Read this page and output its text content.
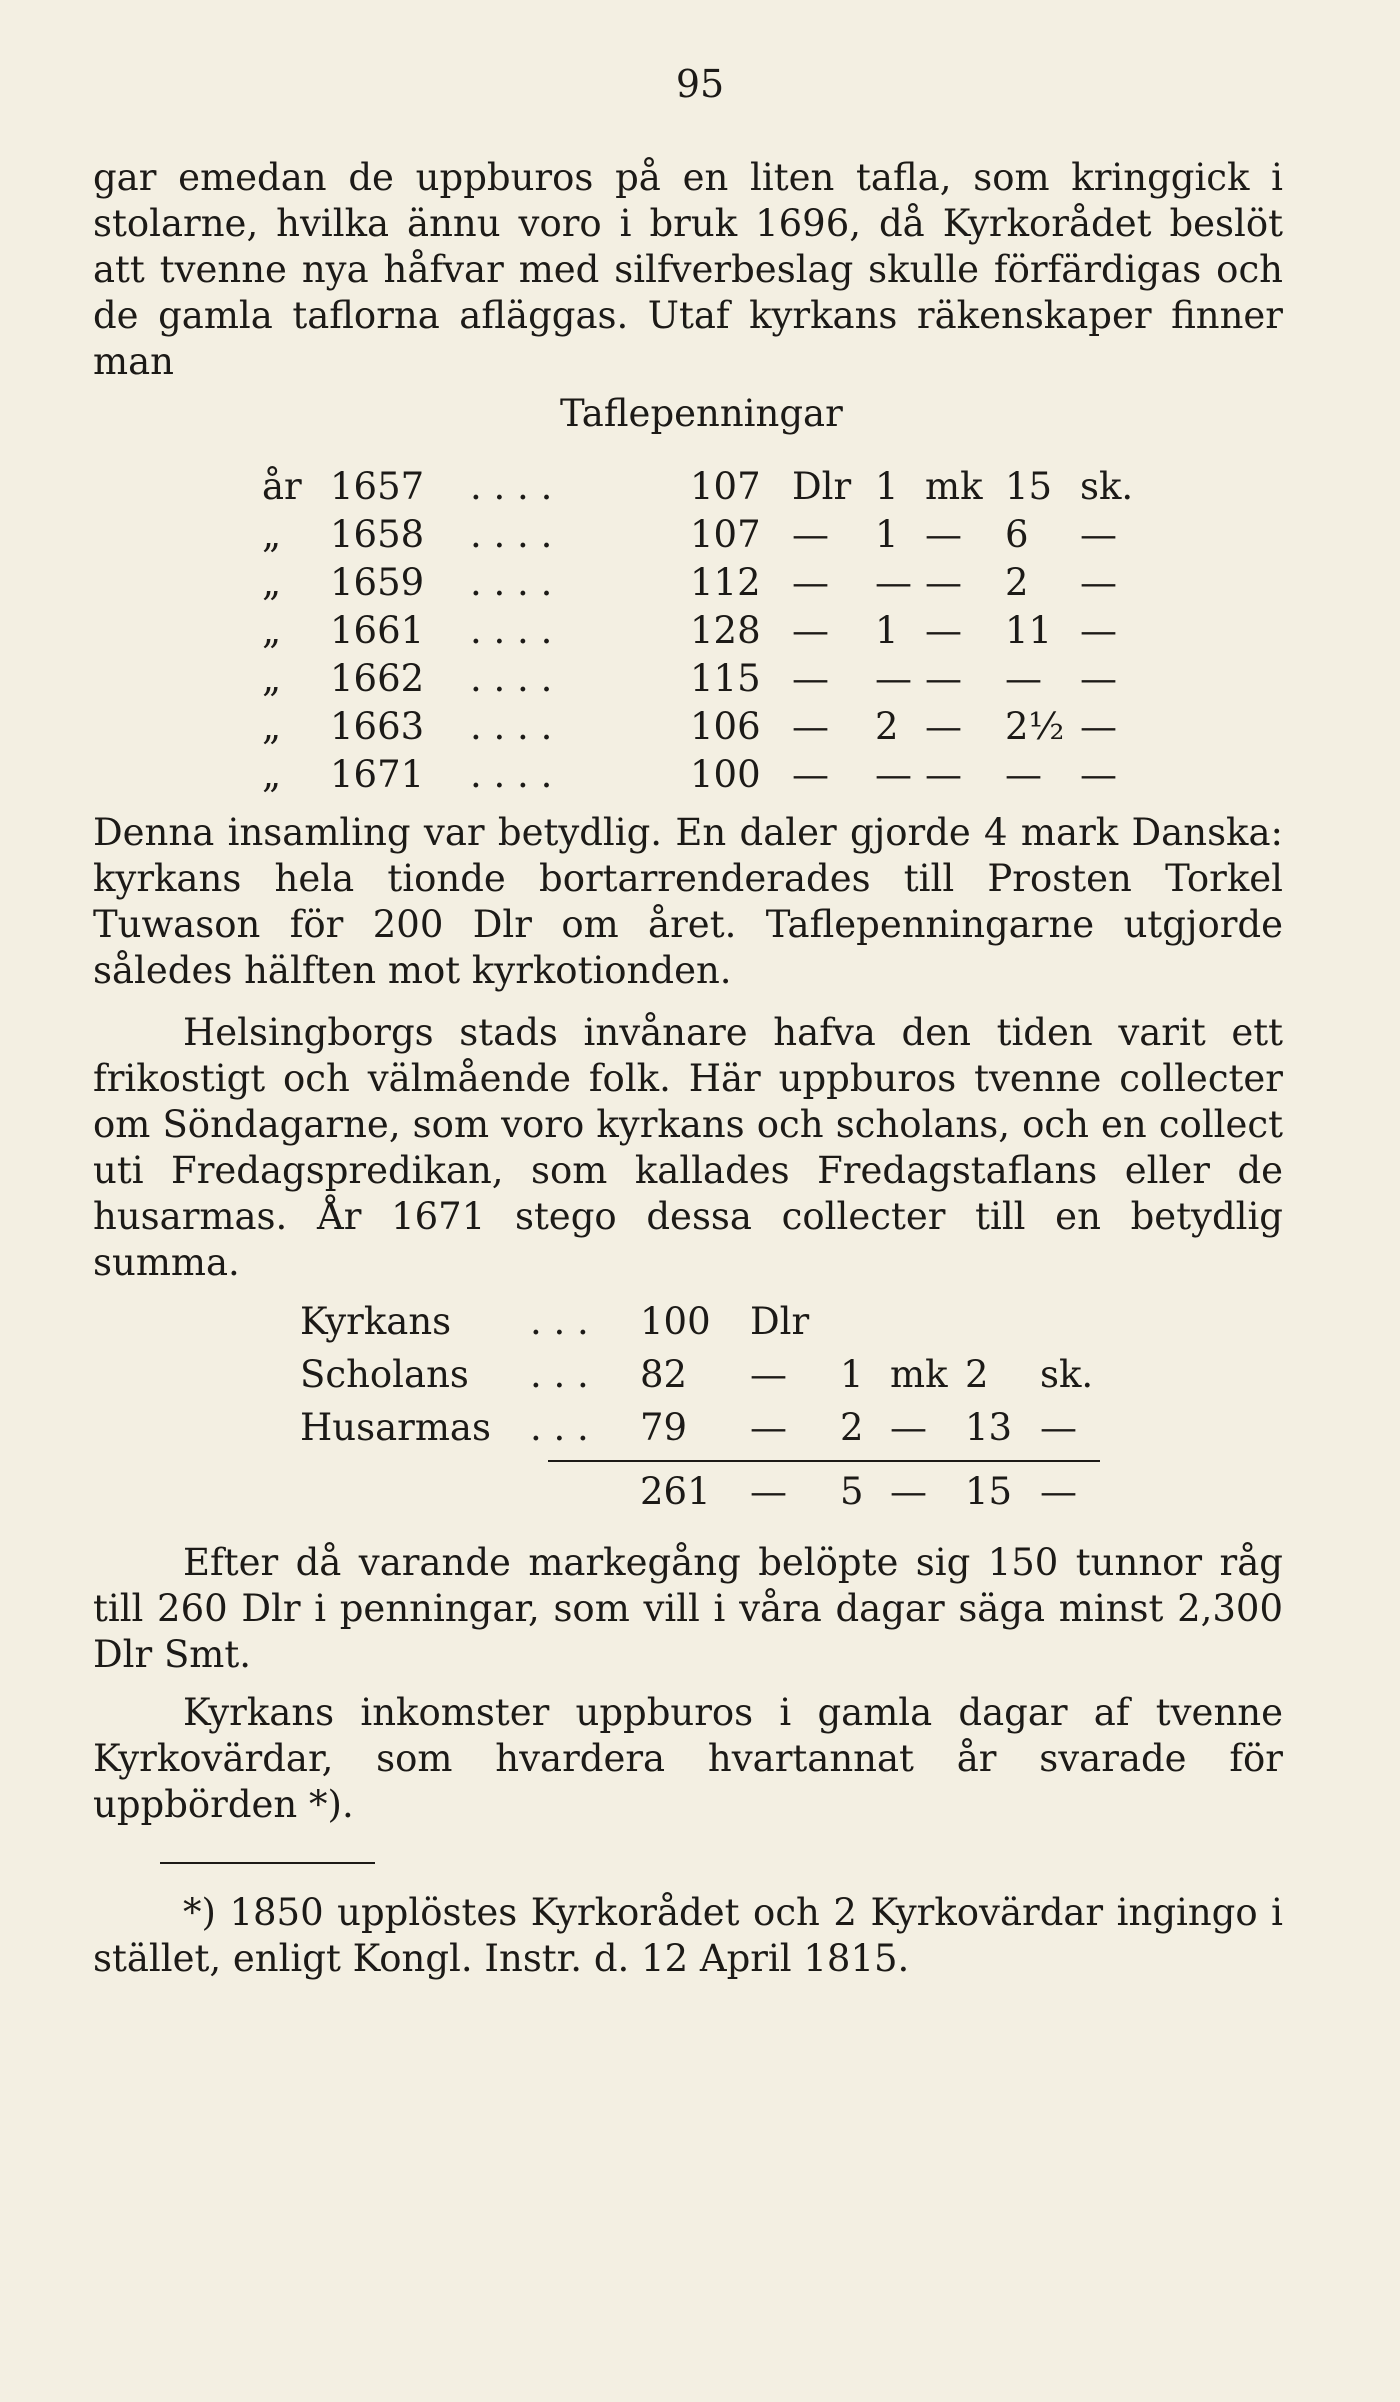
95
gar emedan de uppburos på en liten tafla, som kringgick i stolarne, hvilka ännu voro i bruk 1696, då Kyrkorådet beslöt att tvenne nya håfvar med silfverbeslag skulle förfärdigas och de gamla taflorna afläggas. Utaf kyrkans räkenskaper finner man
Taflepenningar
år 1657 . . . .	107 Dlr 1 mk 15 sk.
„ 1658 . . . .	107 — 1 — 6 —
„ 1659 . . . .	112 — — — 2 —
„ 1661 . . . .	128 — 1 — 11 —
„ 1662 . . . .	115 — — — — —
„ 1663 . . . .	106 — 2 — 2½ —
„ 1671 . . . .	100 — — — — —
Denna insamling var betydlig. En daler gjorde 4 mark Danska: kyrkans hela tionde bortarrenderades till Prosten Torkel Tuwason för 200 Dlr om året. Taflepenningarne utgjorde således hälften mot kyrkotionden.
Helsingborgs stads invånare hafva den tiden varit ett frikostigt och välmående folk. Här uppburos tvenne collecter om Söndagarne, som voro kyrkans och scholans, och en collect uti Fredagspredikan, som kallades Fredagstaflans eller de husarmas. År 1671 stego dessa collecter till en betydlig summa.
Kyrkans . . . 100 Dlr
Scholans . . . 82 — 1 mk 2 sk.
Husarmas . . . 79 — 2 — 13 —
261 — 5 — 15 —
Efter då varande markegång belöpte sig 150 tunnor råg till 260 Dlr i penningar, som vill i våra dagar säga minst 2,300 Dlr Smt.
Kyrkans inkomster uppburos i gamla dagar af tvenne Kyrkovärdar, som hvardera hvartannat år svarade för uppbörden *).
*) 1850 upplöstes Kyrkorådet och 2 Kyrkovärdar ingingo i stället, enligt Kongl. Instr. d. 12 April 1815.
